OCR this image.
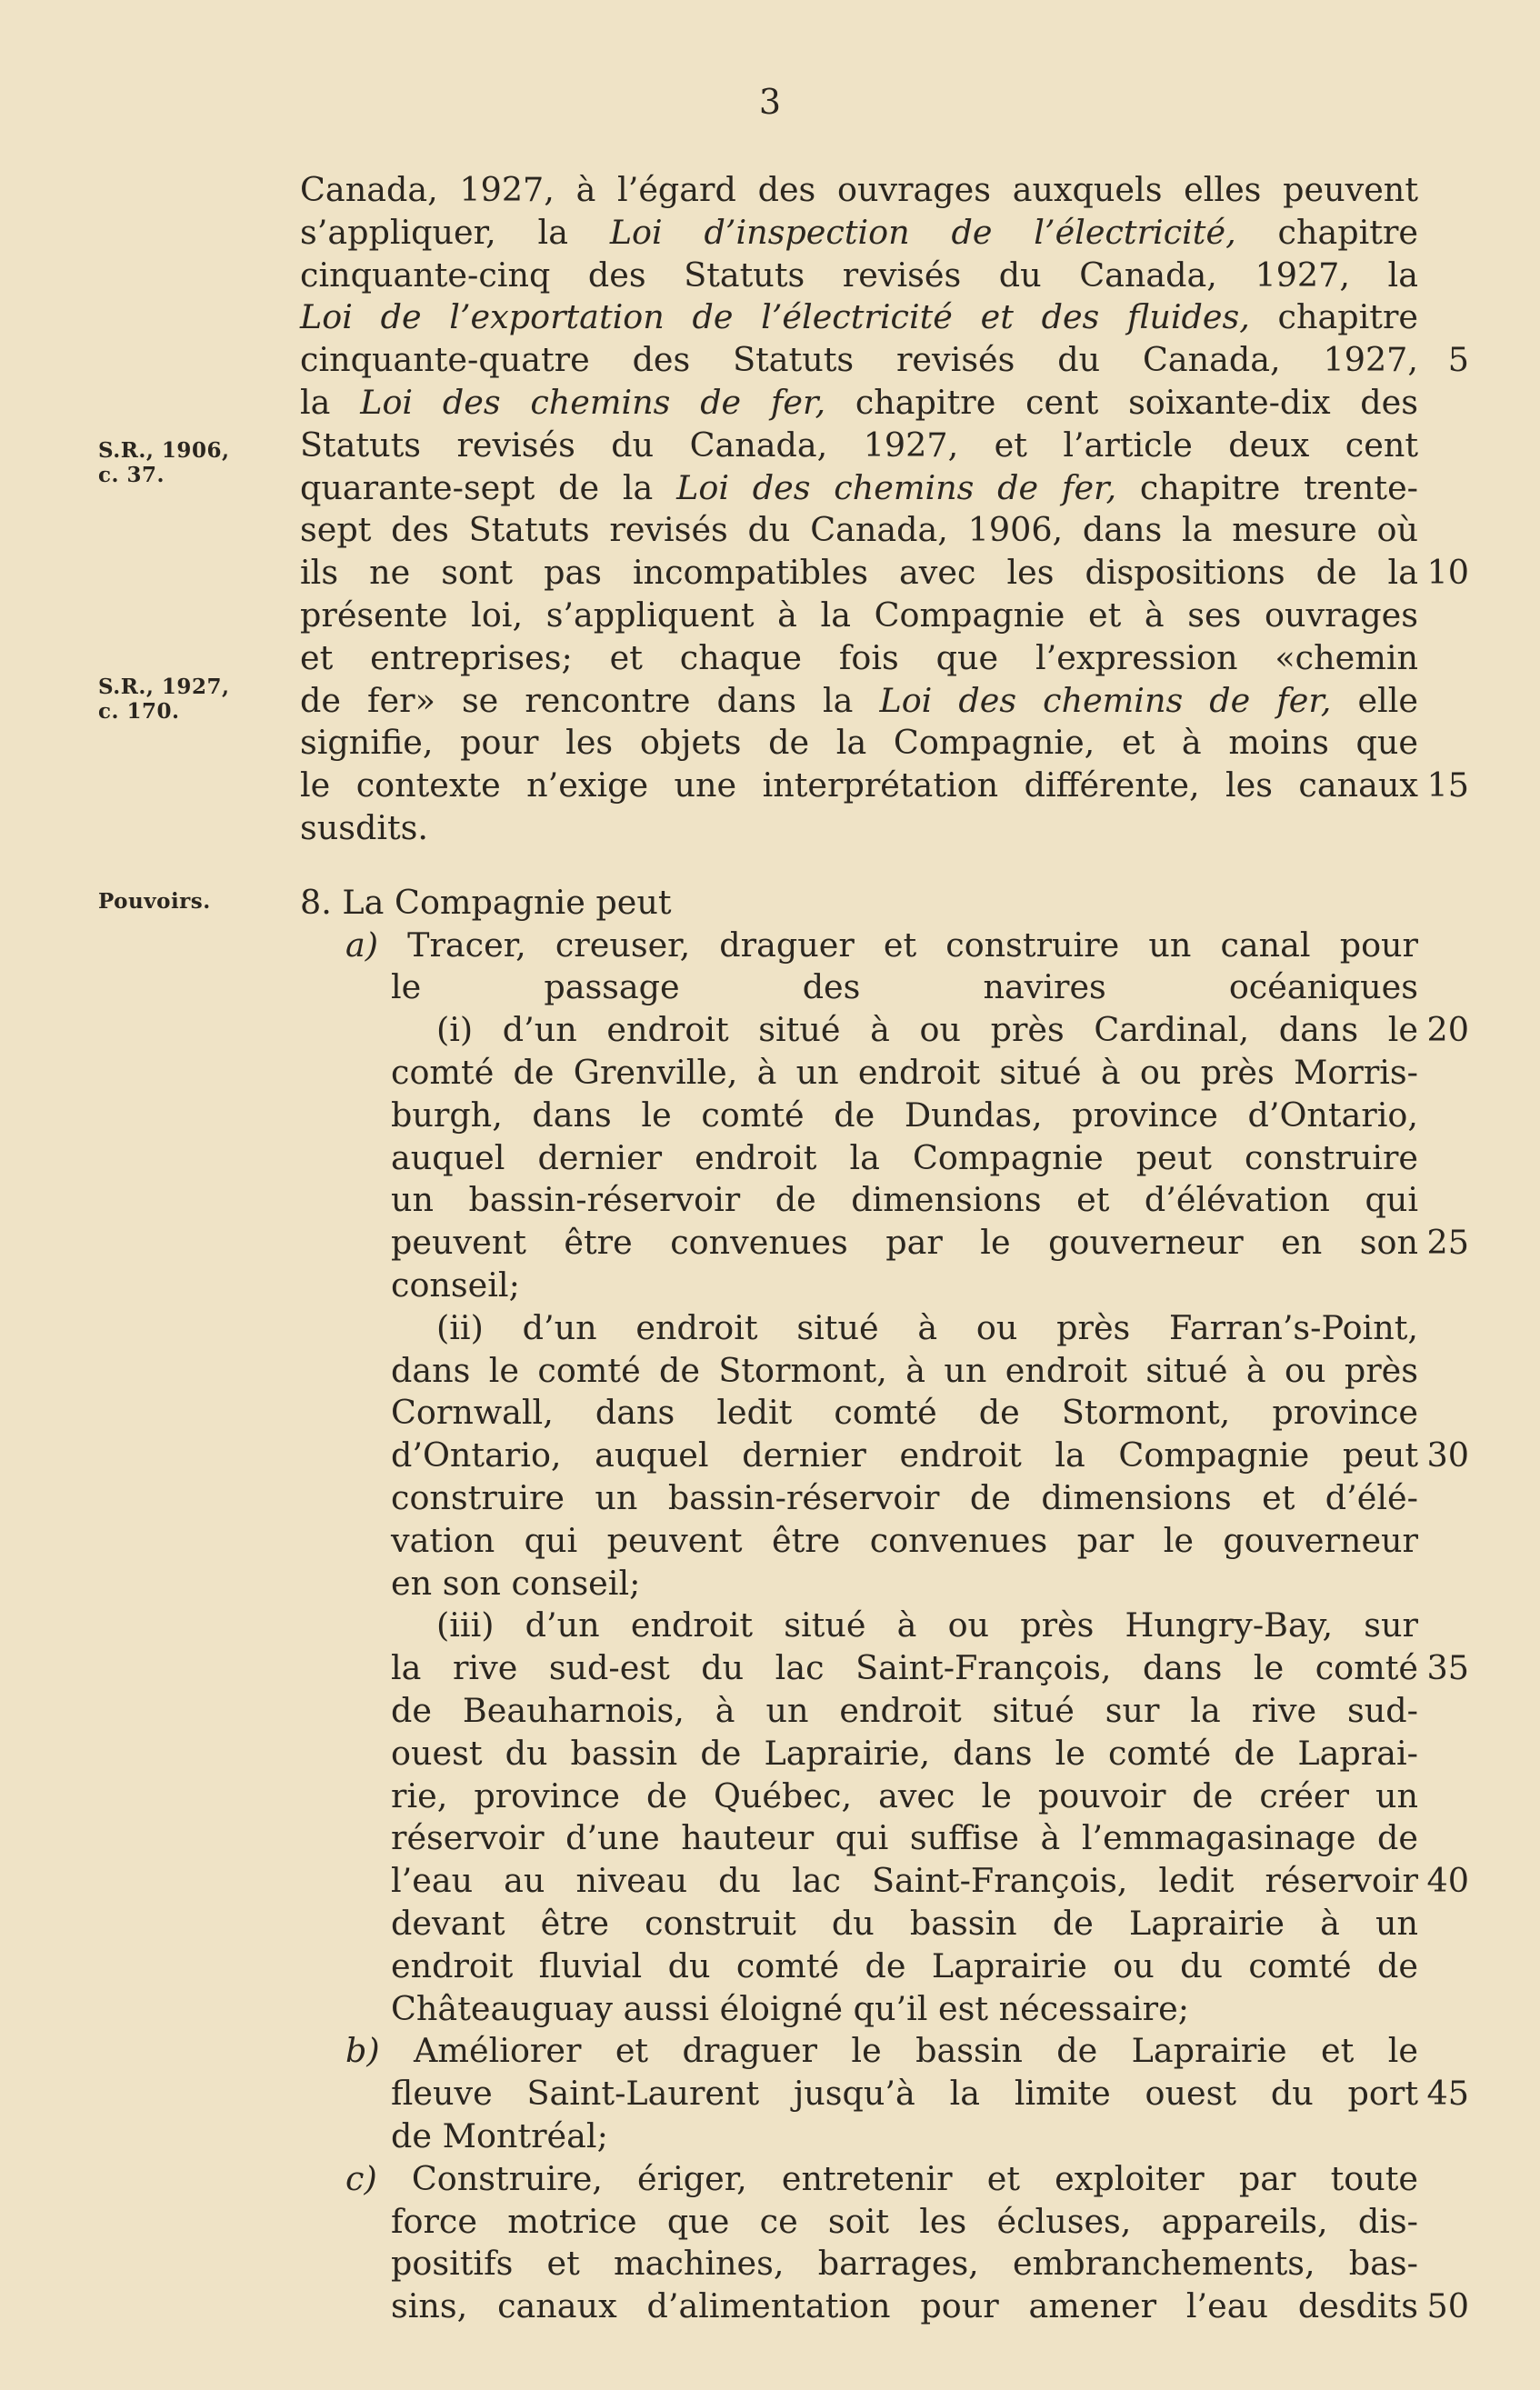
3
S.R., 1906,
c. 37.
S.R., 1927,
c. 170.
Pouvoirs.
Canada, 1927, à l’égard des ouvrages auxquels elles peuvent
s’appliquer, la Loi d’inspection de l’électricité, chapitre
cinquante-cinq des Statuts revisés du Canada, 1927, la
Loi de l’exportation de l’électricité et des fluides, chapitre
cinquante-quatre des Statuts revisés du Canada, 1927, 5
la Loi des chemins de fer, chapitre cent soixante-dix des
Statuts revisés du Canada, 1927, et l’article deux cent
quarante-sept de la Loi des chemins de fer, chapitre trente-
sept des Statuts revisés du Canada, 1906, dans la mesure où
ils ne sont pas incompatibles avec les dispositions de la 10
présente loi, s’appliquent à la Compagnie et à ses ouvrages
et entreprises; et chaque fois que l’expression «chemin
de fer» se rencontre dans la Loi des chemins de fer, elle
signifie, pour les objets de la Compagnie, et à moins que
le contexte n’exige une interprétation différente, les canaux 15
susdits.
8. La Compagnie peut
a) Tracer, creuser, draguer et construire un canal pour
le passage des navires océaniques
(i) d’un endroit situé à ou près Cardinal, dans le 20
comté de Grenville, à un endroit situé à ou près Morris-
burgh, dans le comté de Dundas, province d’Ontario,
auquel dernier endroit la Compagnie peut construire
un bassin-réservoir de dimensions et d’élévation qui
peuvent être convenues par le gouverneur en son 25
conseil;
(ii) d’un endroit situé à ou près Farran’s-Point,
dans le comté de Stormont, à un endroit situé à ou près
Cornwall, dans ledit comté de Stormont, province
d’Ontario, auquel dernier endroit la Compagnie peut 30
construire un bassin-réservoir de dimensions et d’élé-
vation qui peuvent être convenues par le gouverneur
en son conseil;
(iii) d’un endroit situé à ou près Hungry-Bay, sur
la rive sud-est du lac Saint-François, dans le comté 35
de Beauharnois, à un endroit situé sur la rive sud-
ouest du bassin de Laprairie, dans le comté de Laprai-
rie, province de Québec, avec le pouvoir de créer un
réservoir d’une hauteur qui suffise à l’emmagasinage de
l’eau au niveau du lac Saint-François, ledit réservoir 40
devant être construit du bassin de Laprairie à un
endroit fluvial du comté de Laprairie ou du comté de
Châteauguay aussi éloigné qu’il est nécessaire;
b) Améliorer et draguer le bassin de Laprairie et le
fleuve Saint-Laurent jusqu’à la limite ouest du port 45
de Montréal;
c) Construire, ériger, entretenir et exploiter par toute
force motrice que ce soit les écluses, appareils, dis-
positifs et machines, barrages, embranchements, bas-
sins, canaux d’alimentation pour amener l’eau desdits 50
